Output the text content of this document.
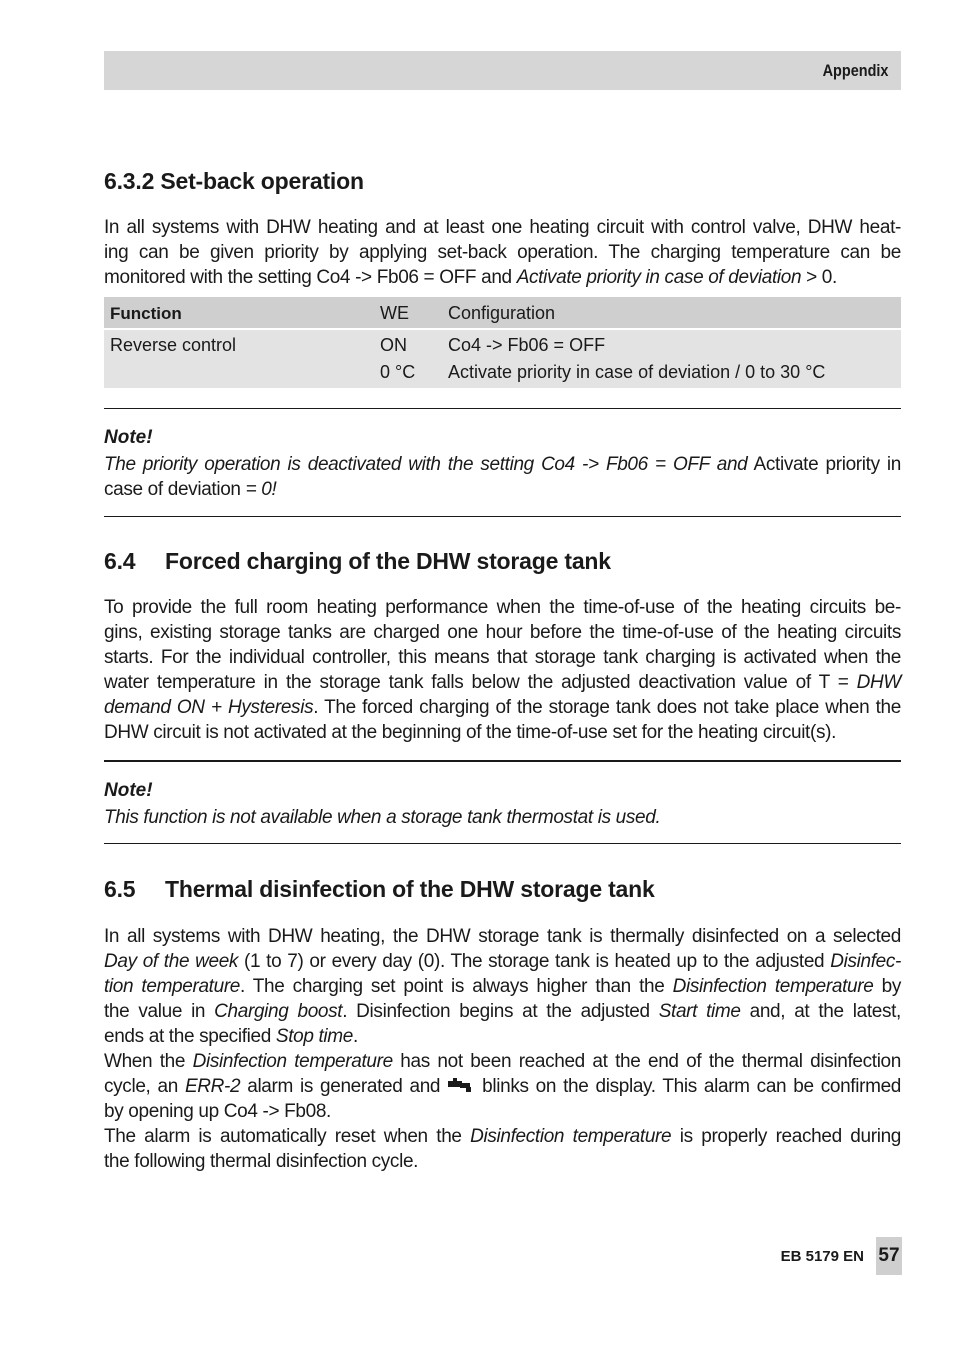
Appendix
6.3.2 Set-back operation
In all systems with DHW heating and at least one heating circuit with control valve, DHW heat-
ing can be given priority by applying set-back operation. The charging temperature can be
monitored with the setting Co4 -> Fb06 = OFF and Activate priority in case of deviation > 0.
Function	WE Configuration
Reverse control	ON Co4 -> Fb06 = OFF
0 °C Activate priority in case of deviation / 0 to 30 °C
Note!
The priority operation is deactivated with the setting Co4 -> Fb06 = OFF and Activate priority in
case of deviation = 0!
6.4 Forced charging of the DHW storage tank
To provide the full room heating performance when the time-of-use of the heating circuits be-
gins, existing storage tanks are charged one hour before the time-of-use of the heating circuits
starts. For the individual controller, this means that storage tank charging is activated when the
water temperature in the storage tank falls below the adjusted deactivation value of T = DHW
demand ON + Hysteresis. The forced charging of the storage tank does not take place when the
DHW circuit is not activated at the beginning of the time-of-use set for the heating circuit(s).
Note!
This function is not available when a storage tank thermostat is used.
6.5 Thermal disinfection of the DHW storage tank
In all systems with DHW heating, the DHW storage tank is thermally disinfected on a selected
Day of the week (1 to 7) or every day (0). The storage tank is heated up to the adjusted Disinfec-
tion temperature. The charging set point is always higher than the Disinfection temperature by
the value in Charging boost. Disinfection begins at the adjusted Start time and, at the latest,
ends at the specified Stop time.
When the Disinfection temperature has not been reached at the end of the thermal disinfection
cycle, an ERR-2 alarm is generated and  blinks on the display. This alarm can be confirmed
by opening up Co4 -> Fb08.
The alarm is automatically reset when the Disinfection temperature is properly reached during
the following thermal disinfection cycle.
EB 5179 EN 57
